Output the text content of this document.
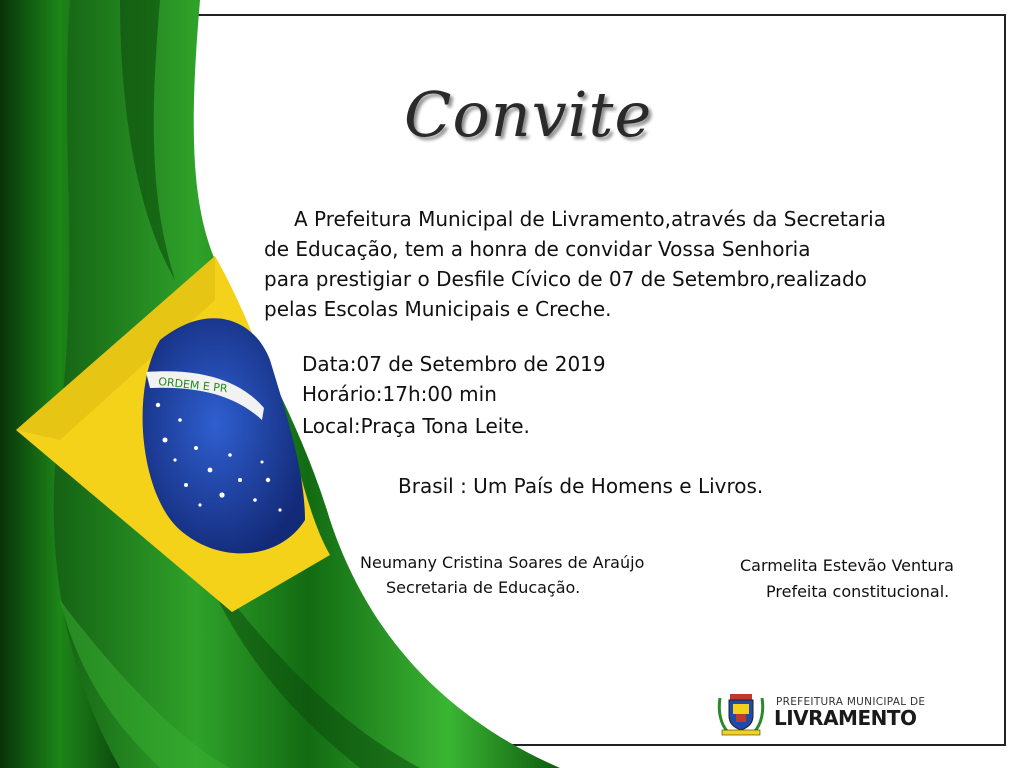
ORDEM E PR
Convite
A Prefeitura Municipal de Livramento,através da Secretaria
de Educação, tem a honra de convidar Vossa Senhoria
para prestigiar o Desfile Cívico de 07 de Setembro,realizado
pelas Escolas Municipais e Creche.
Data:07 de Setembro de 2019
Horário:17h:00 min
Local:Praça Tona Leite.
Brasil : Um País de Homens e Livros.
Neumany Cristina Soares de Araújo
Secretaria de Educação.
Carmelita Estevão Ventura
Prefeita constitucional.
PREFEITURA MUNICIPAL DE
LIVRAMENTO
